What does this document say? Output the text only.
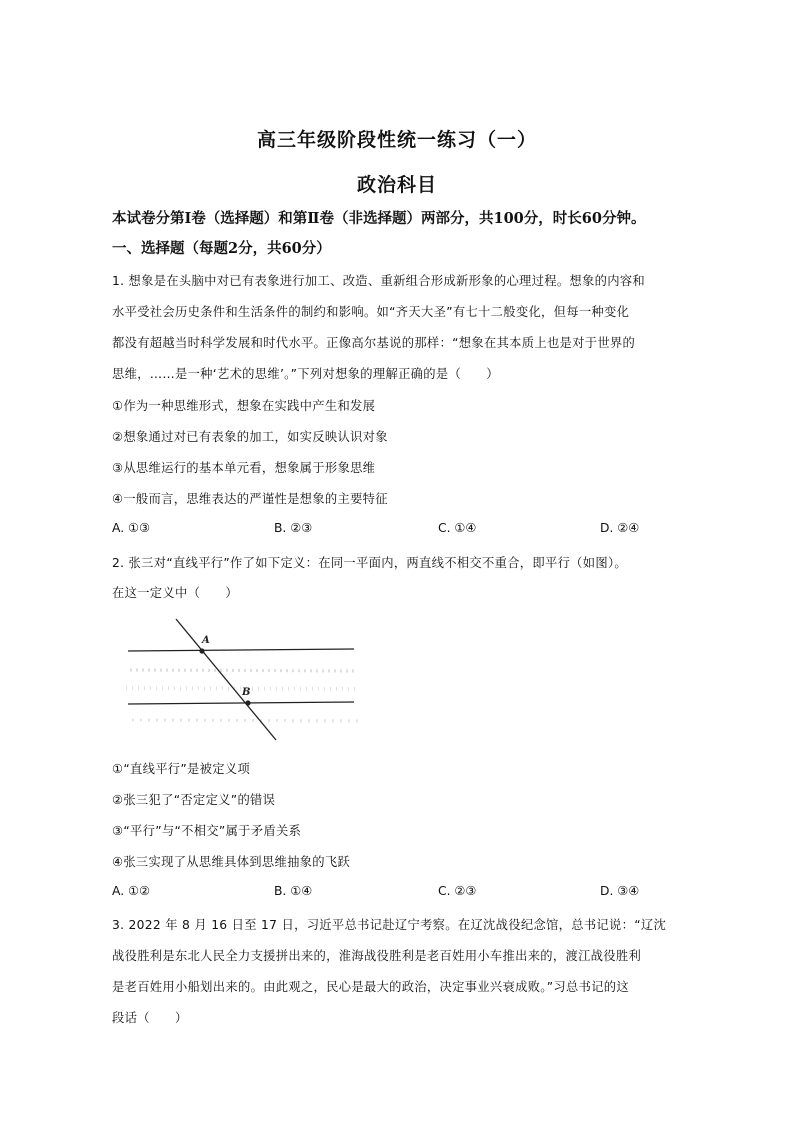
高三年级阶段性统一练习（一）
政治科目
本试卷分第Ⅰ卷（选择题）和第Ⅱ卷（非选择题）两部分，共100分，时长60分钟。
一、选择题（每题2分，共60分）
1. 想象是在头脑中对已有表象进行加工、改造、重新组合形成新形象的心理过程。想象的内容和
水平受社会历史条件和生活条件的制约和影响。如“齐天大圣”有七十二般变化，但每一种变化
都没有超越当时科学发展和时代水平。正像高尔基说的那样：“想象在其本质上也是对于世界的
思维，……是一种‘艺术的思维’。”下列对想象的理解正确的是（　　）
①作为一种思维形式，想象在实践中产生和发展
②想象通过对已有表象的加工，如实反映认识对象
③从思维运行的基本单元看，想象属于形象思维
④一般而言，思维表达的严谨性是想象的主要特征
A. ①③	B. ②③	C. ①④	D. ②④
2. 张三对“直线平行”作了如下定义：在同一平面内，两直线不相交不重合，即平行（如图）。
在这一定义中（　　）
A
B
①“直线平行”是被定义项
②张三犯了“否定定义”的错误
③“平行”与“不相交”属于矛盾关系
④张三实现了从思维具体到思维抽象的飞跃
A. ①②	B. ①④	C. ②③	D. ③④
3. 2022 年 8 月 16 日至 17 日，习近平总书记赴辽宁考察。在辽沈战役纪念馆，总书记说：“辽沈
战役胜利是东北人民全力支援拼出来的，淮海战役胜利是老百姓用小车推出来的，渡江战役胜利
是老百姓用小船划出来的。由此观之，民心是最大的政治，决定事业兴衰成败。”习总书记的这
段话（　　）
